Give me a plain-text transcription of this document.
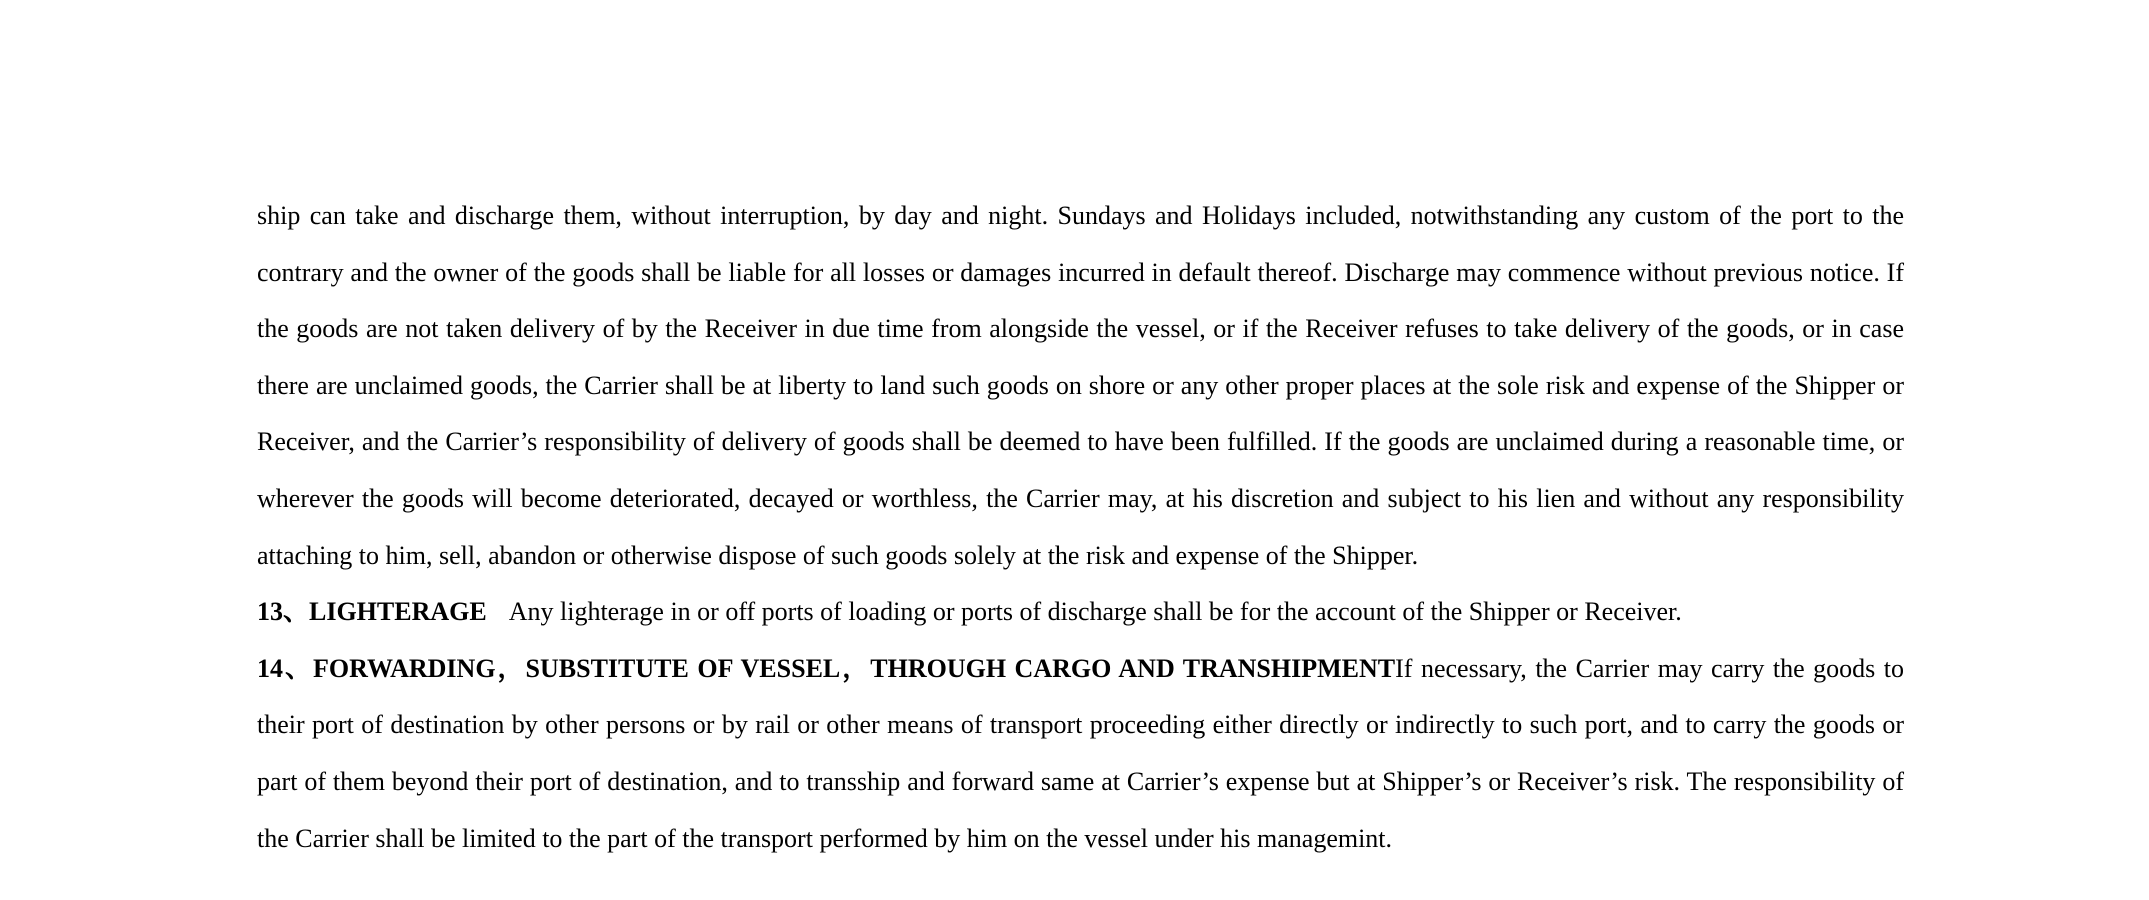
ship can take and discharge them, without interruption, by day and night. Sundays and Holidays included, notwithstanding any custom of the port to the contrary and the owner of the goods shall be liable for all losses or damages incurred in default thereof. Discharge may commence without previous notice. If the goods are not taken delivery of by the Receiver in due time from alongside the vessel, or if the Receiver refuses to take delivery of the goods, or in case there are unclaimed goods, the Carrier shall be at liberty to land such goods on shore or any other proper places at the sole risk and expense of the Shipper or Receiver, and the Carrier’s responsibility of delivery of goods shall be deemed to have been fulfilled. If the goods are unclaimed during a reasonable time, or wherever the goods will become deteriorated, decayed or worthless, the Carrier may, at his discretion and subject to his lien and without any responsibility attaching to him, sell, abandon or otherwise dispose of such goods solely at the risk and expense of the Shipper.

13、LIGHTERAGE Any lighterage in or off ports of loading or ports of discharge shall be for the account of the Shipper or Receiver.

14、FORWARDING，SUBSTITUTE OF VESSEL，THROUGH CARGO AND TRANSHIPMENTIf necessary, the Carrier may carry the goods to their port of destination by other persons or by rail or other means of transport proceeding either directly or indirectly to such port, and to carry the goods or part of them beyond their port of destination, and to transship and forward same at Carrier’s expense but at Shipper’s or Receiver’s risk. The responsibility of the Carrier shall be limited to the part of the transport performed by him on the vessel under his managemint.
